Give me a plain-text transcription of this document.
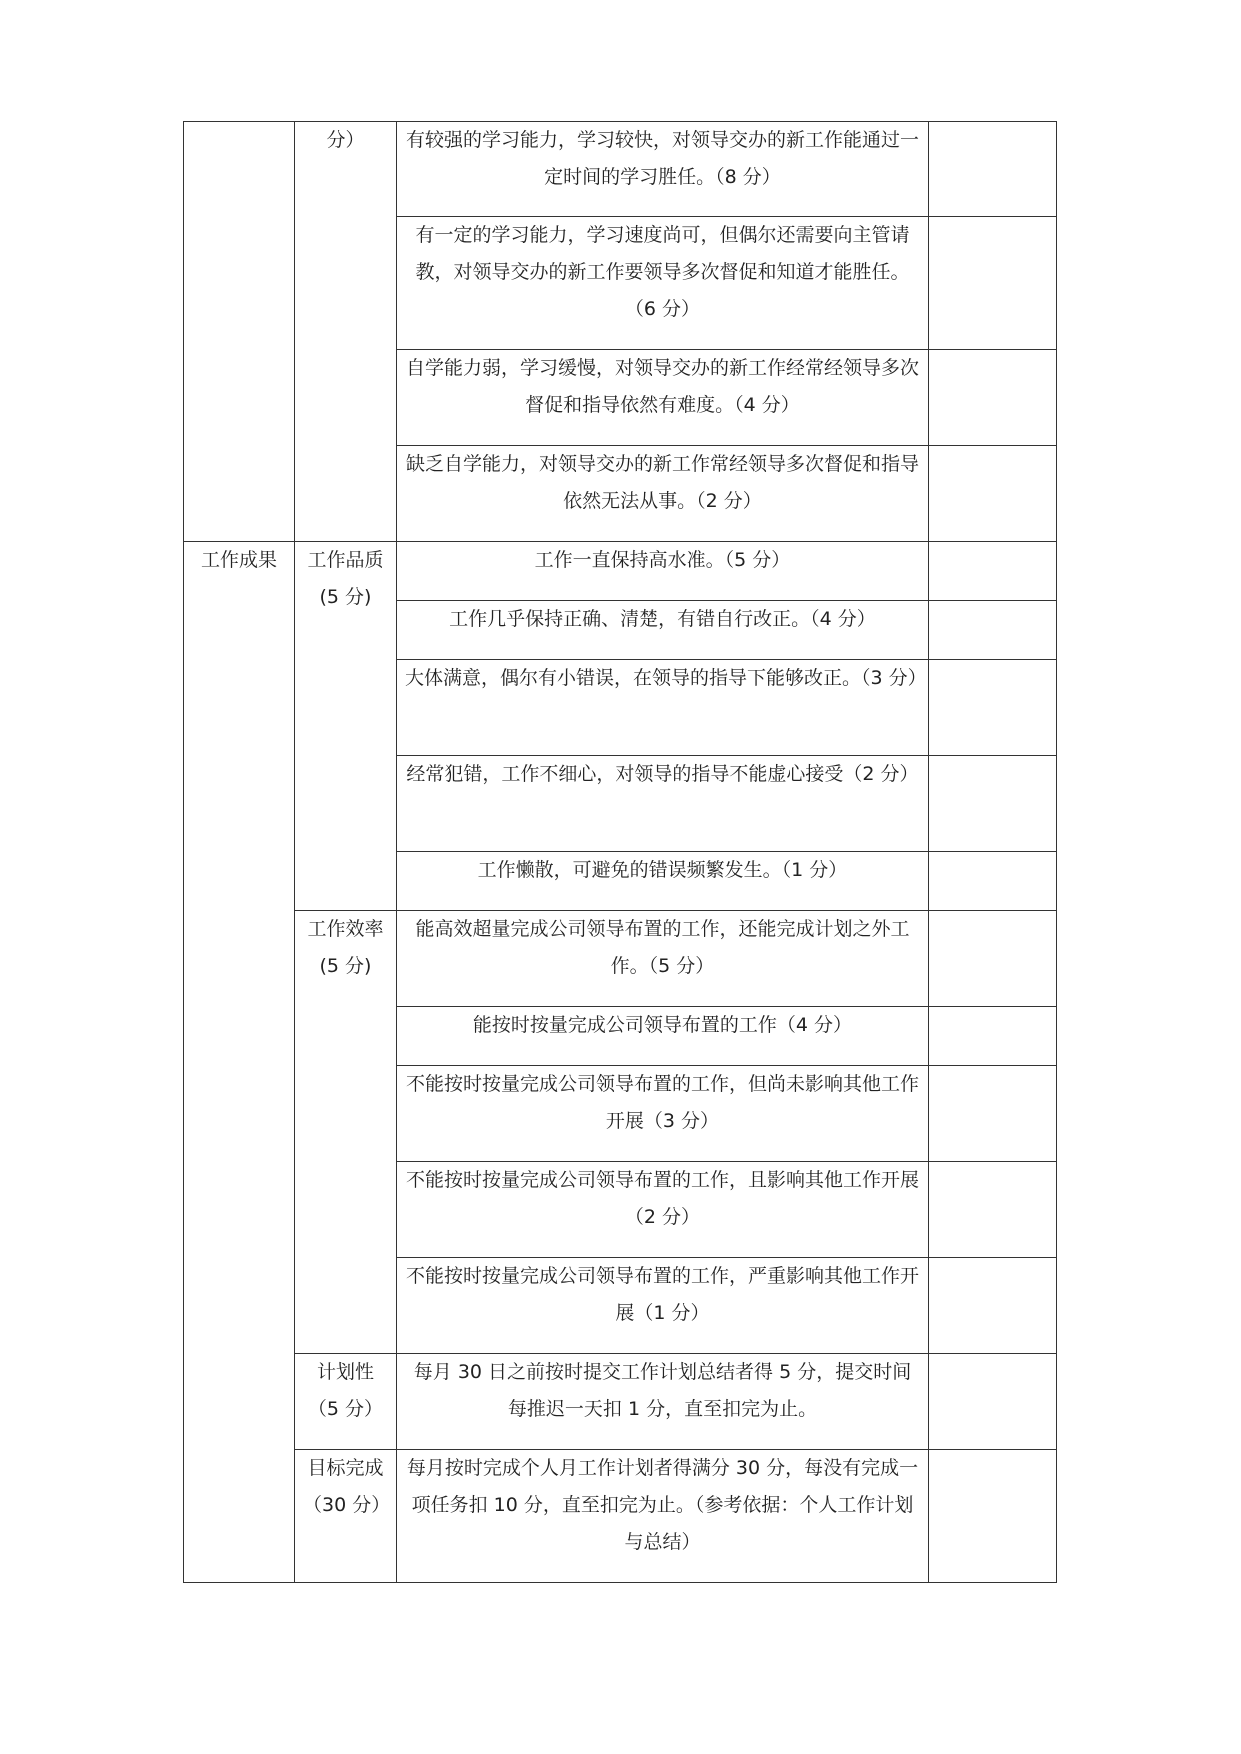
	分）	有较强的学习能力，学习较快，对领导交办的新工作能通过一定时间的学习胜任。（8 分）	
		有一定的学习能力，学习速度尚可，但偶尔还需要向主管请教，对领导交办的新工作要领导多次督促和知道才能胜任。（6 分）	
		自学能力弱，学习缓慢，对领导交办的新工作经常经领导多次督促和指导依然有难度。（4 分）	
		缺乏自学能力，对领导交办的新工作常经领导多次督促和指导依然无法从事。（2 分）	
工作成果	工作品质(5 分)	工作一直保持高水准。（5 分）	
		工作几乎保持正确、清楚，有错自行改正。（4 分）	
		大体满意，偶尔有小错误，在领导的指导下能够改正。（3 分）	
		经常犯错，工作不细心，对领导的指导不能虚心接受（2 分）	
		工作懒散，可避免的错误频繁发生。（1 分）	
	工作效率(5 分)	能高效超量完成公司领导布置的工作，还能完成计划之外工作。（5 分）	
		能按时按量完成公司领导布置的工作（4 分）	
		不能按时按量完成公司领导布置的工作，但尚未影响其他工作开展（3 分）	
		不能按时按量完成公司领导布置的工作，且影响其他工作开展（2 分）	
		不能按时按量完成公司领导布置的工作，严重影响其他工作开展（1 分）	
	计划性（5 分）	每月 30 日之前按时提交工作计划总结者得 5 分，提交时间每推迟一天扣 1 分，直至扣完为止。	
	目标完成（30 分）	每月按时完成个人月工作计划者得满分 30 分，每没有完成一项任务扣 10 分，直至扣完为止。（参考依据：个人工作计划与总结）	
